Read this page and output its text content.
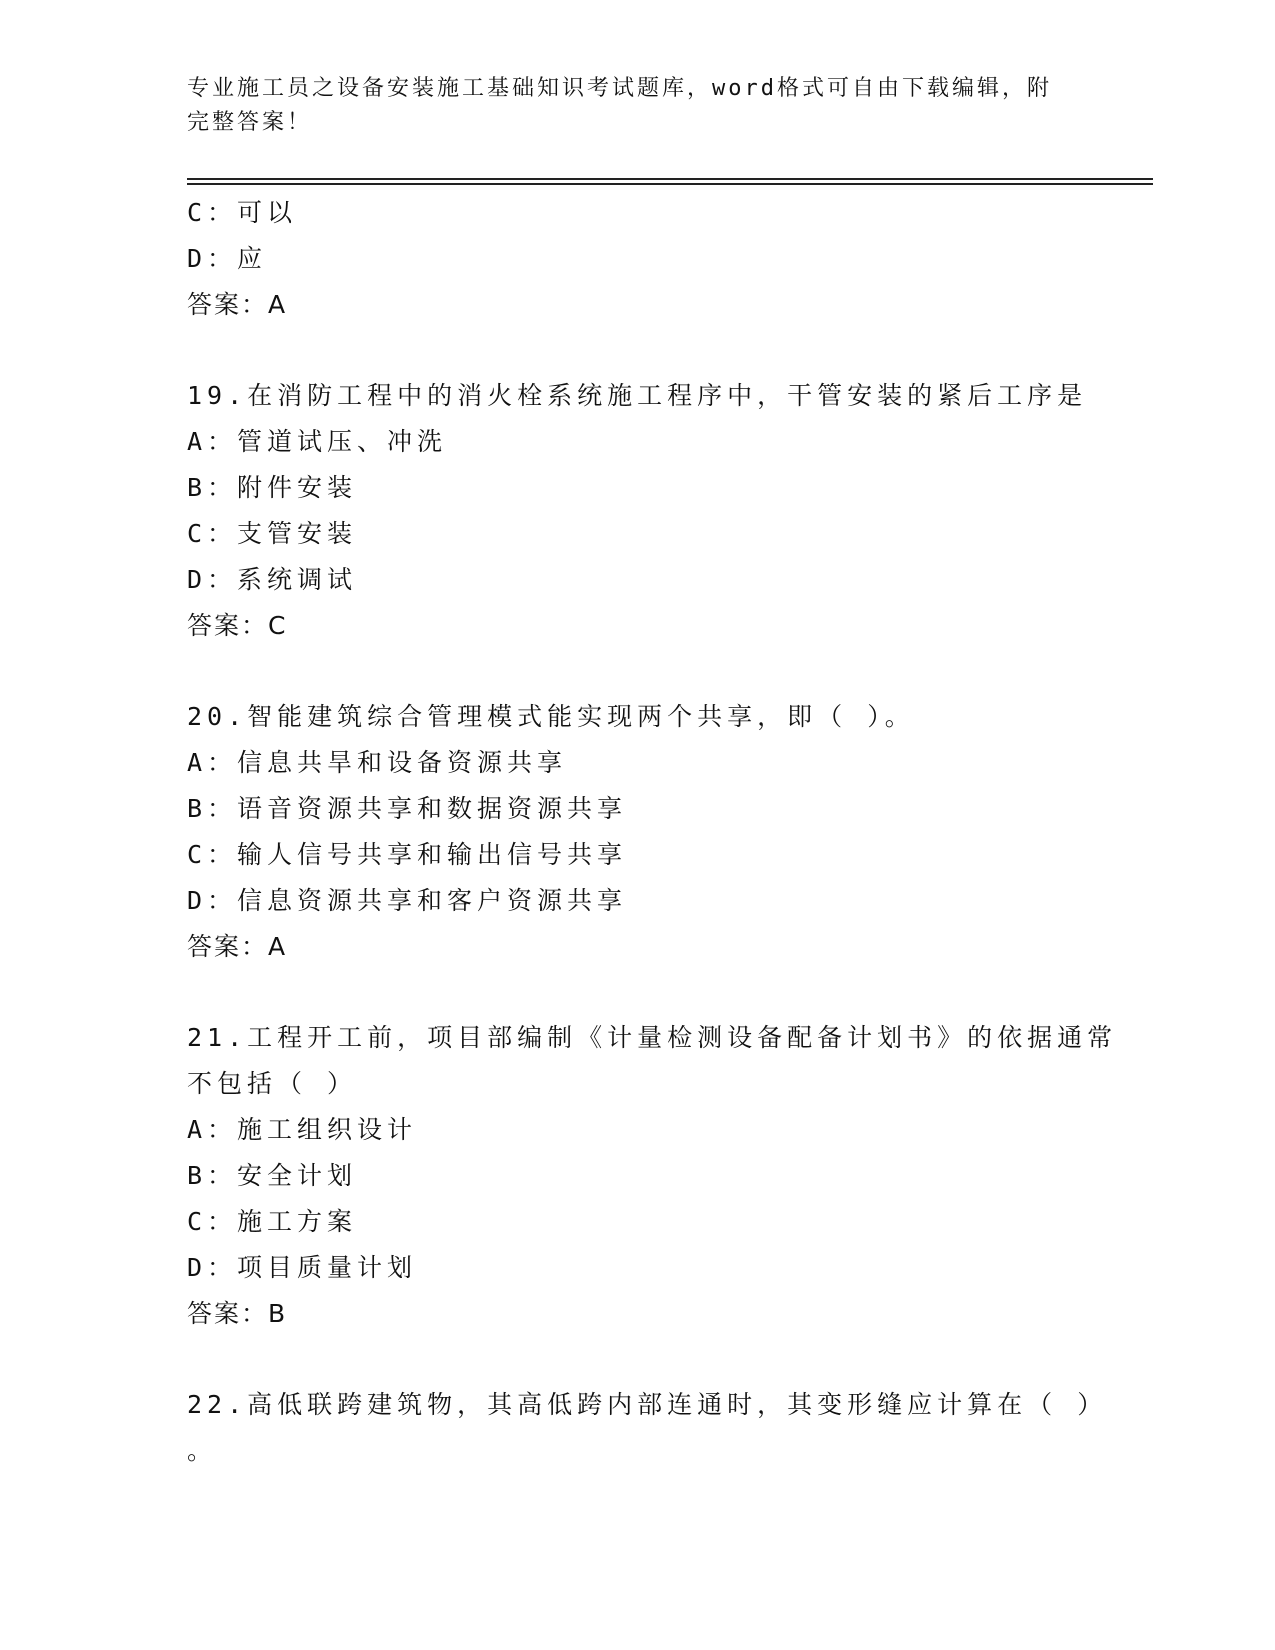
专业施工员之设备安装施工基础知识考试题库，word格式可自由下载编辑，附完整答案！
C：可以
D：应
答案：A
19.在消防工程中的消火栓系统施工程序中，干管安装的紧后工序是
A：管道试压、冲洗
B：附件安装
C：支管安装
D：系统调试
答案：C
20.智能建筑综合管理模式能实现两个共享，即（ ）。
A：信息共旱和设备资源共享
B：语音资源共享和数据资源共享
C：输人信号共享和输出信号共享
D：信息资源共享和客户资源共享
答案：A
21.工程开工前，项目部编制《计量检测设备配备计划书》的依据通常
不包括（ ）
A：施工组织设计
B：安全计划
C：施工方案
D：项目质量计划
答案：B
22.高低联跨建筑物，其高低跨内部连通时，其变形缝应计算在（ ）
。
